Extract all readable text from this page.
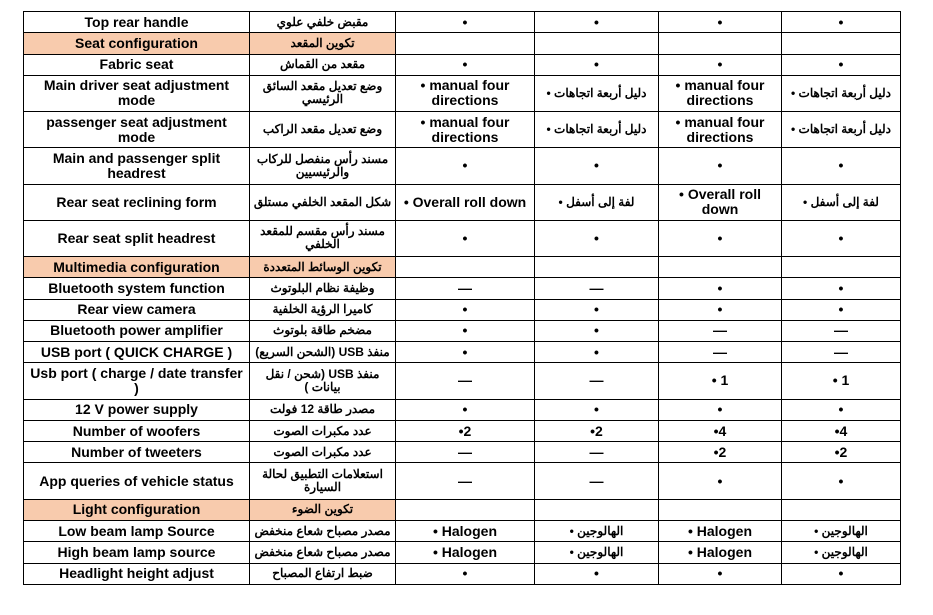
Top rear handle	مقبض خلفي علوي	•	•	•	•
Seat configuration	تكوين المقعد				
Fabric seat	مقعد من القماش	•	•	•	•
Main driver seat adjustment mode	وضع تعديل مقعد السائق الرئيسي	• manual four directions	دليل أربعة اتجاهات •	• manual four directions	دليل أربعة اتجاهات •
passenger seat adjustment mode	وضع تعديل مقعد الراكب	• manual four directions	دليل أربعة اتجاهات •	• manual four directions	دليل أربعة اتجاهات •
Main and passenger split headrest	مسند رأس منفصل للركاب والرئيسيين	•	•	•	•
Rear seat reclining form	شكل المقعد الخلفي مستلق	• Overall roll down	لفة إلى أسفل •	• Overall roll down	لفة إلى أسفل •
Rear seat split headrest	مسند رأس مقسم للمقعد الخلفي	•	•	•	•
Multimedia configuration	تكوين الوسائط المتعددة				
Bluetooth system function	وظيفة نظام البلوتوث	—	—	•	•
Rear view camera	كاميرا الرؤية الخلفية	•	•	•	•
Bluetooth power amplifier	مضخم طاقة بلوتوث	•	•	—	—
USB port ( QUICK CHARGE )	منفذ USB (الشحن السريع)	•	•	—	—
Usb port ( charge / date transfer )	منفذ USB (شحن / نقل بيانات )	—	—	• 1	• 1
12 V power supply	مصدر طاقة 12 فولت	•	•	•	•
Number of woofers	عدد مكبرات الصوت	•2	•2	•4	•4
Number of tweeters	عدد مكبرات الصوت	—	—	•2	•2
App queries of vehicle status	استعلامات التطبيق لحالة السيارة	—	—	•	•
Light configuration	تكوين الضوء				
Low beam lamp Source	مصدر مصباح شعاع منخفض	• Halogen	الهالوجين •	• Halogen	الهالوجين •
High beam lamp source	مصدر مصباح شعاع منخفض	• Halogen	الهالوجين •	• Halogen	الهالوجين •
Headlight height adjust	ضبط ارتفاع المصباح	•	•	•	•
